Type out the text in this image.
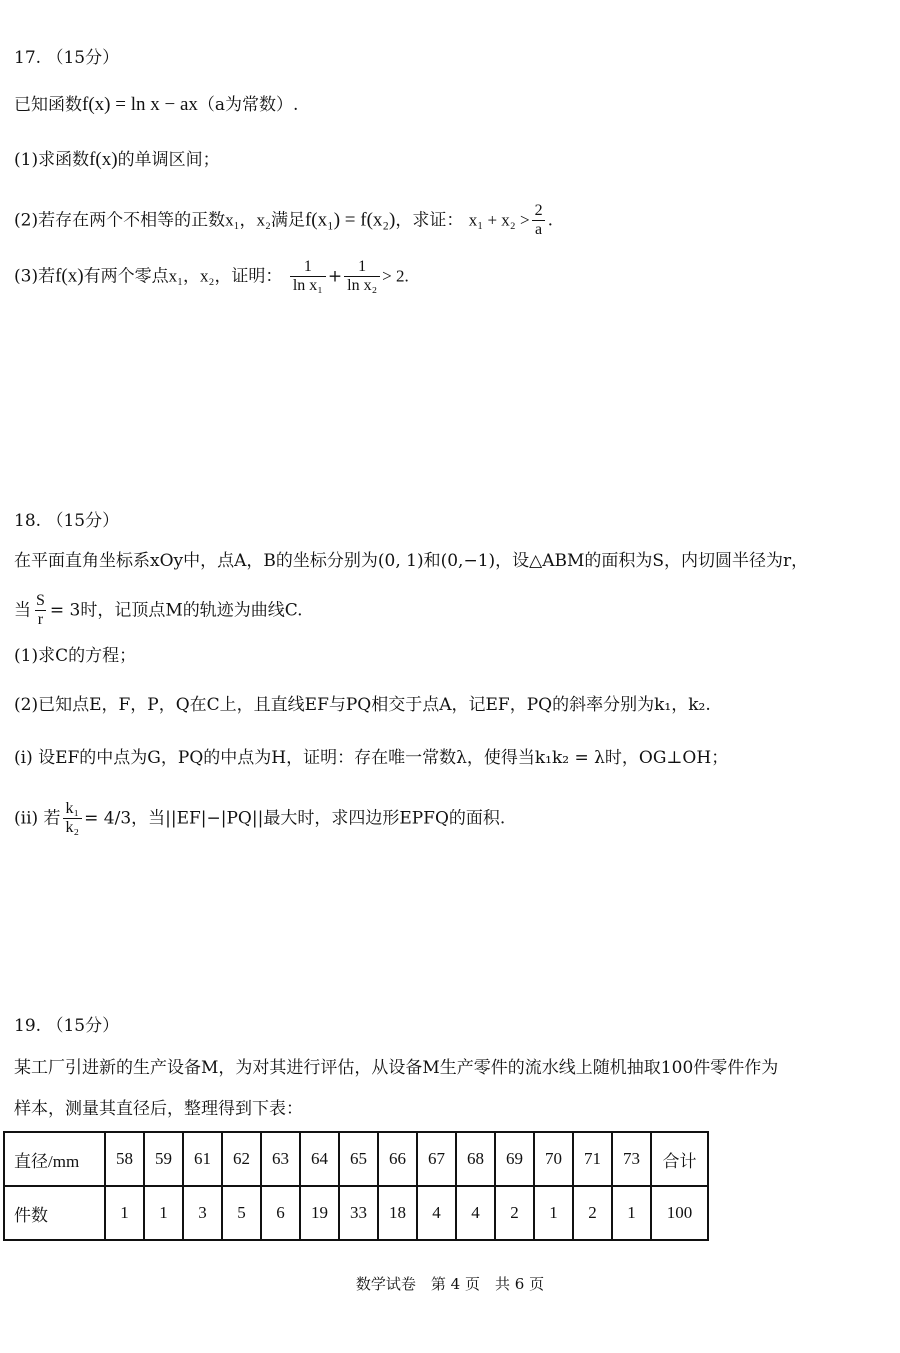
17. （15分）
已知函数f(x) = ln x − ax（a为常数）.
(1)求函数f(x)的单调区间；
(2)若存在两个不相等的正数x₁，x₂满足f(x₁) = f(x₂)，求证： $x_1 + x_2 > \frac{2}{a}$ .
(3)若f(x)有两个零点x₁，x₂，证明： $\frac{1}{\text{ln x₁}} + \frac{1}{\text{ln x₂}} > 2$.
18. （15分）
在平面直角坐标系xOy中，点A，B的坐标分别为(0, 1)和(0,−1)，设△ABM的面积为S，内切圆半径为r，
当 $\frac{S}{r} = 3$时，记顶点M的轨迹为曲线C.
(1)求C的方程；
(2)已知点E，F，P，Q在C上，且直线EF与PQ相交于点A，记EF，PQ的斜率分别为k₁，k₂.
(i) 设EF的中点为G，PQ的中点为H，证明：存在唯一常数λ，使得当k₁k₂ = λ时，OG⊥OH；
(ii) 若 $\frac{\text{k₁}}{\text{k₂}} = 4/3$，当||EF|−|PQ||最大时，求四边形EPFQ的面积.
19. （15分）
某工厂引进新的生产设备M，为对其进行评估，从设备M生产零件的流水线上随机抽取100件零件作为
样本，测量其直径后，整理得到下表：
直径/mm	58	59	61	62	63	64	65	66	67	68	69	70	71	73	合计
件数	1	1	3	5	6	19	33	18	4	4	2	1	2	1	100
数学试卷　第 4 页　共 6 页
